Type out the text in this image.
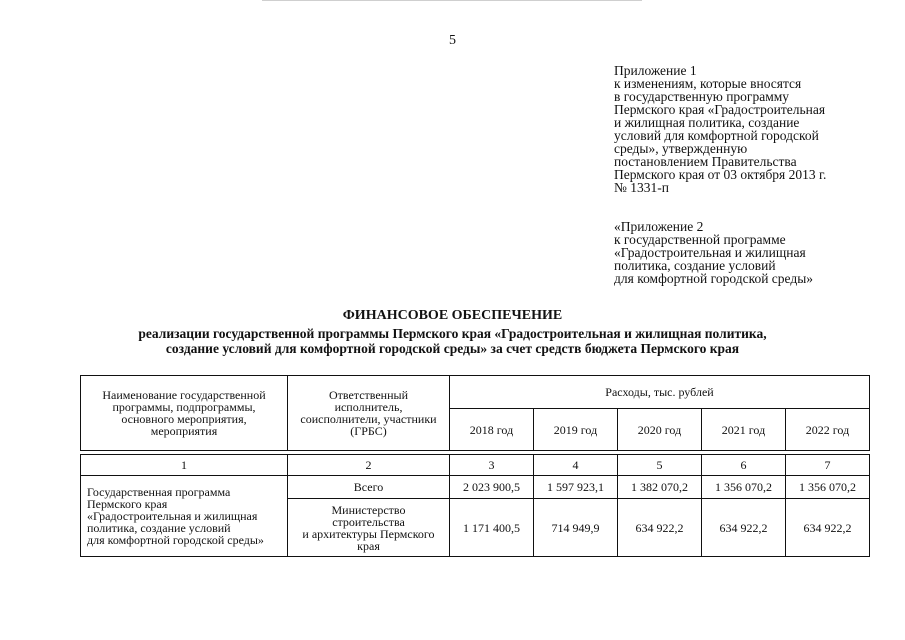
5
Приложение 1
к изменениям, которые вносятся
в государственную программу
Пермского края «Градостроительная
и жилищная политика, создание
условий для комфортной городской
среды», утвержденную
постановлением Правительства
Пермского края от 03 октября 2013 г.
№ 1331-п
«Приложение 2
к государственной программе
«Градостроительная и жилищная
политика, создание условий
для комфортной городской среды»
ФИНАНСОВОЕ ОБЕСПЕЧЕНИЕ
реализации государственной программы Пермского края «Градостроительная и жилищная политика,
создание условий для комфортной городской среды» за счет средств бюджета Пермского края
Наименование государственной
программы, подпрограммы,
основного мероприятия,
мероприятия	Ответственный
исполнитель,
соисполнители, участники
(ГРБС)	Расходы, тыс. рублей				
		2018 год	2019 год	2020 год	2021 год	2022 год

1	2	3	4	5	6	7

Государственная программа
Пермского края
«Градостроительная и жилищная
политика, создание условий
для комфортной городской среды»	Всего	2 023 900,5	1 597 923,1	1 382 070,2	1 356 070,2	1 356 070,2

	Министерство
строительства
и архитектуры Пермского
края	1 171 400,5	714 949,9	634 922,2	634 922,2	634 922,2
